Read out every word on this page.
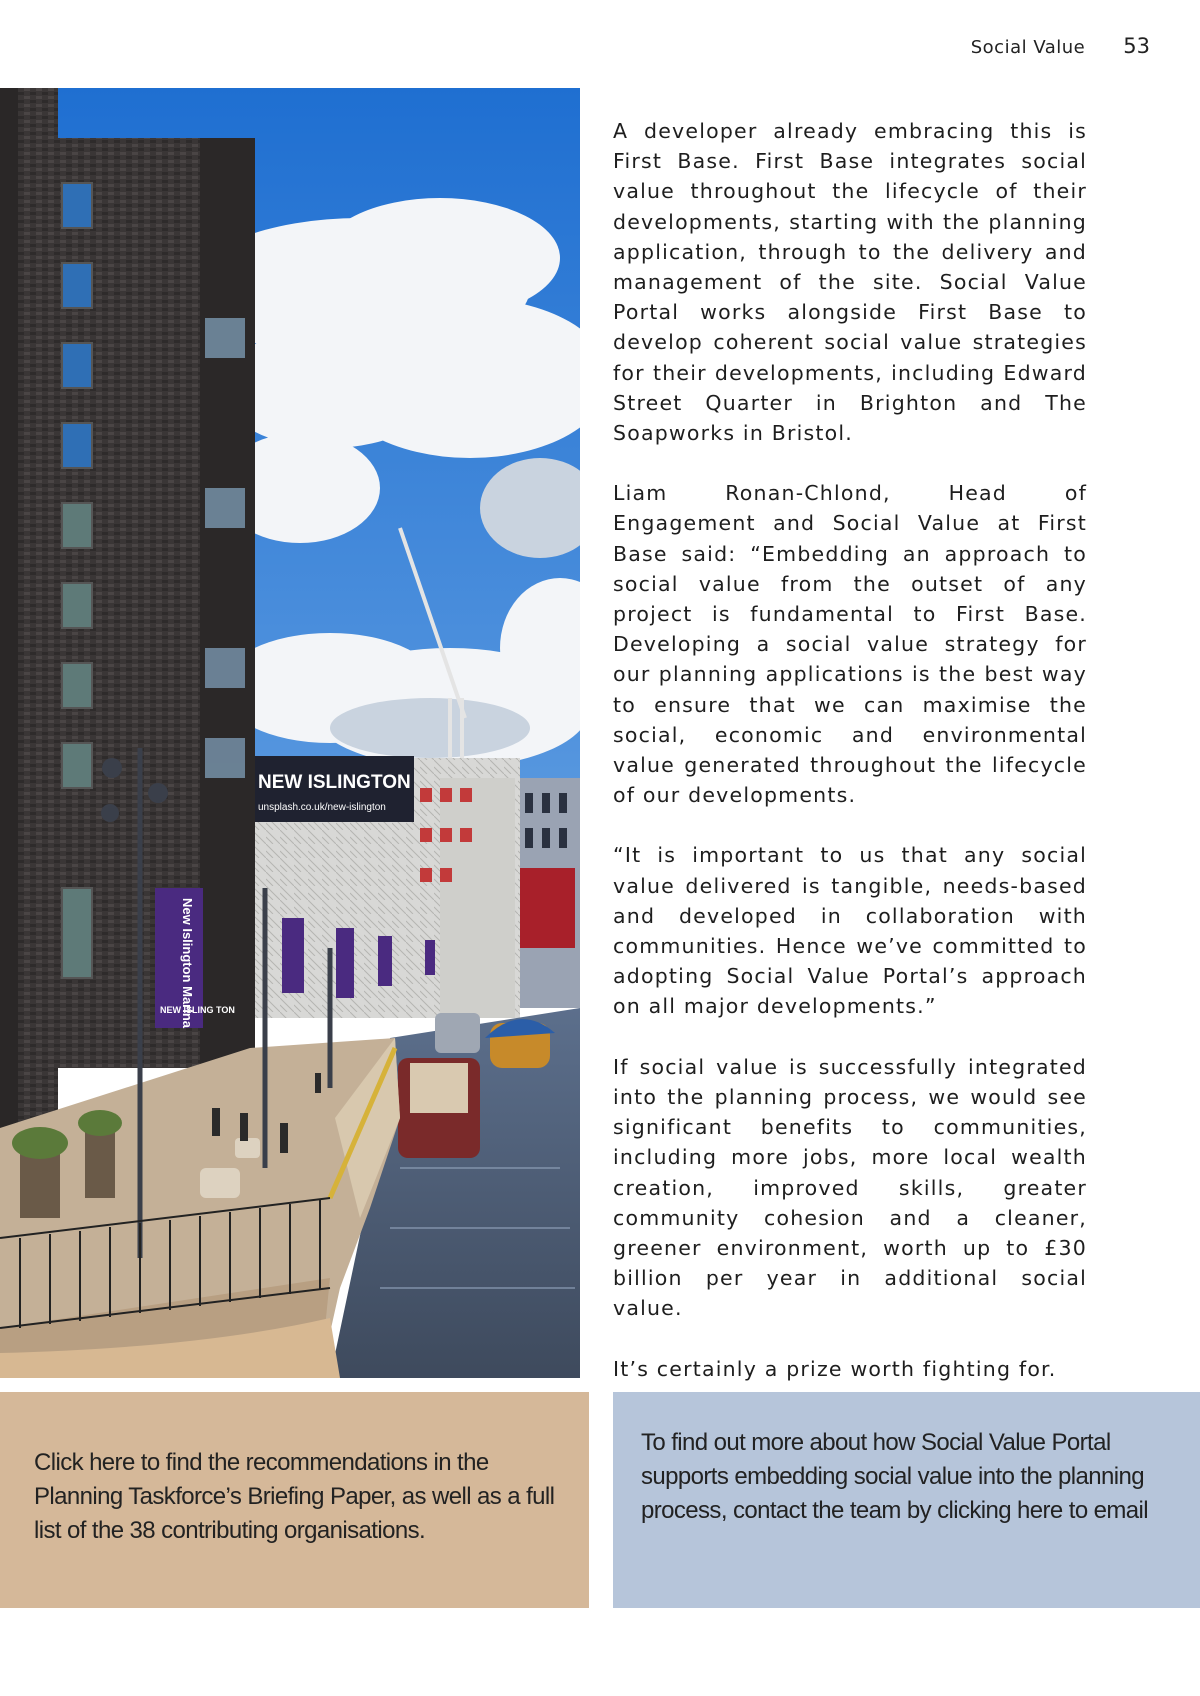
Social Value 53
NEW ISLINGTON
unsplash.co.uk/new-islington
New Islington Marina
NEW ISLING TON

A developer already embracing this is First Base. First Base integrates social value throughout the lifecycle of their developments, starting with the planning application, through to the delivery and management of the site. Social Value Portal works alongside First Base to develop coherent social value strategies for their developments, including Edward Street Quarter in Brighton and The Soapworks in Bristol.

Liam Ronan-Chlond, Head of Engagement and Social Value at First Base said: “Embedding an approach to social value from the outset of any project is fundamental to First Base. Developing a social value strategy for our planning applications is the best way to ensure that we can maximise the social, economic and environmental value generated throughout the lifecycle of our developments.

“It is important to us that any social value delivered is tangible, needs-based and developed in collaboration with communities. Hence we’ve committed to adopting Social Value Portal’s approach on all major developments.”

If social value is successfully integrated into the planning process, we would see significant benefits to communities, including more jobs, more local wealth creation, improved skills, greater community cohesion and a cleaner, greener environment, worth up to £30 billion per year in additional social value.

It’s certainly a prize worth fighting for.

Click here to find the recommendations in the Planning Taskforce’s Briefing Paper, as well as a full list of the 38 contributing organisations.
To find out more about how Social Value Portal supports embedding social value into the planning process, contact the team by clicking here to email
